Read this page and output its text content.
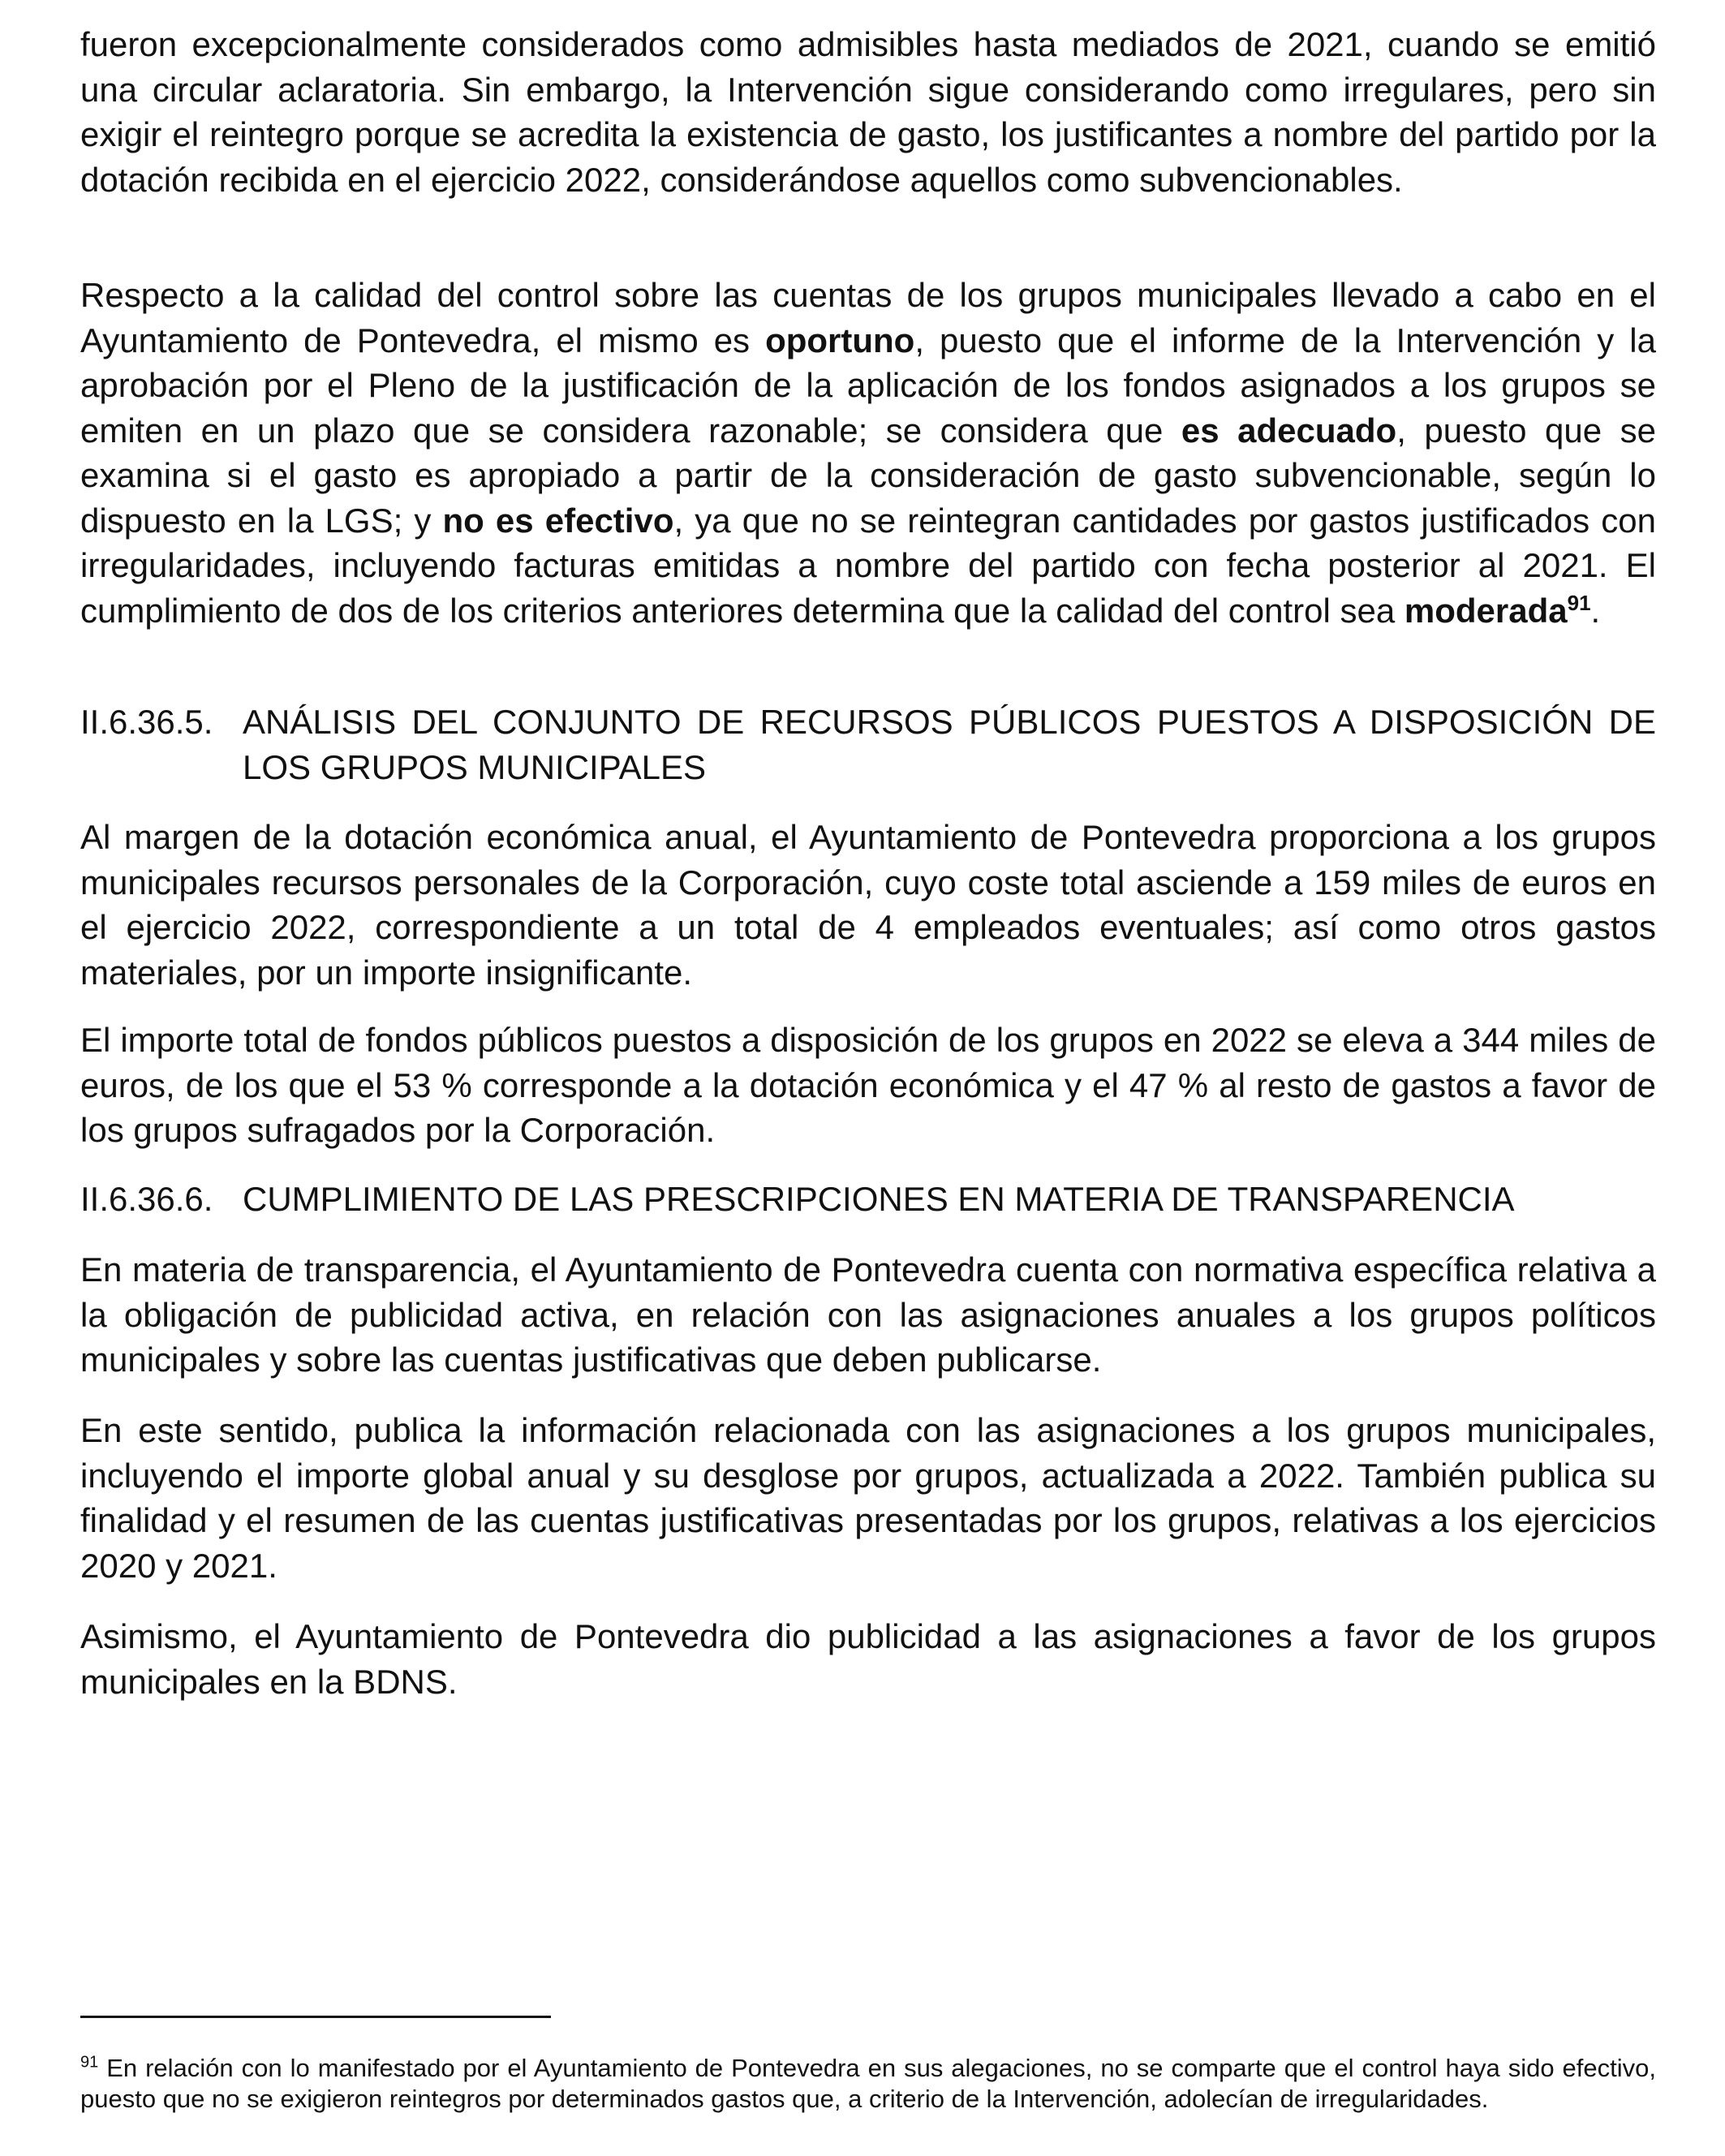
fueron excepcionalmente considerados como admisibles hasta mediados de 2021, cuando se emitió una circular aclaratoria. Sin embargo, la Intervención sigue considerando como irregulares, pero sin exigir el reintegro porque se acredita la existencia de gasto, los justificantes a nombre del partido por la dotación recibida en el ejercicio 2022, considerándose aquellos como subvencionables.

Respecto a la calidad del control sobre las cuentas de los grupos municipales llevado a cabo en el Ayuntamiento de Pontevedra, el mismo es oportuno, puesto que el informe de la Intervención y la aprobación por el Pleno de la justificación de la aplicación de los fondos asignados a los grupos se emiten en un plazo que se considera razonable; se considera que es adecuado, puesto que se examina si el gasto es apropiado a partir de la consideración de gasto subvencionable, según lo dispuesto en la LGS; y no es efectivo, ya que no se reintegran cantidades por gastos justificados con irregularidades, incluyendo facturas emitidas a nombre del partido con fecha posterior al 2021. El cumplimiento de dos de los criterios anteriores determina que la calidad del control sea moderada$^{91}$.

II.6.36.5. ANÁLISIS DEL CONJUNTO DE RECURSOS PÚBLICOS PUESTOS A DISPOSICIÓN DE LOS GRUPOS MUNICIPALES

Al margen de la dotación económica anual, el Ayuntamiento de Pontevedra proporciona a los grupos municipales recursos personales de la Corporación, cuyo coste total asciende a 159 miles de euros en el ejercicio 2022, correspondiente a un total de 4 empleados eventuales; así como otros gastos materiales, por un importe insignificante.

El importe total de fondos públicos puestos a disposición de los grupos en 2022 se eleva a 344 miles de euros, de los que el 53 % corresponde a la dotación económica y el 47 % al resto de gastos a favor de los grupos sufragados por la Corporación.

II.6.36.6. CUMPLIMIENTO DE LAS PRESCRIPCIONES EN MATERIA DE TRANSPARENCIA

En materia de transparencia, el Ayuntamiento de Pontevedra cuenta con normativa específica relativa a la obligación de publicidad activa, en relación con las asignaciones anuales a los grupos políticos municipales y sobre las cuentas justificativas que deben publicarse.

En este sentido, publica la información relacionada con las asignaciones a los grupos municipales, incluyendo el importe global anual y su desglose por grupos, actualizada a 2022. También publica su finalidad y el resumen de las cuentas justificativas presentadas por los grupos, relativas a los ejercicios 2020 y 2021.

Asimismo, el Ayuntamiento de Pontevedra dio publicidad a las asignaciones a favor de los grupos municipales en la BDNS.

$^{91}$ En relación con lo manifestado por el Ayuntamiento de Pontevedra en sus alegaciones, no se comparte que el control haya sido efectivo, puesto que no se exigieron reintegros por determinados gastos que, a criterio de la Intervención, adolecían de irregularidades.
